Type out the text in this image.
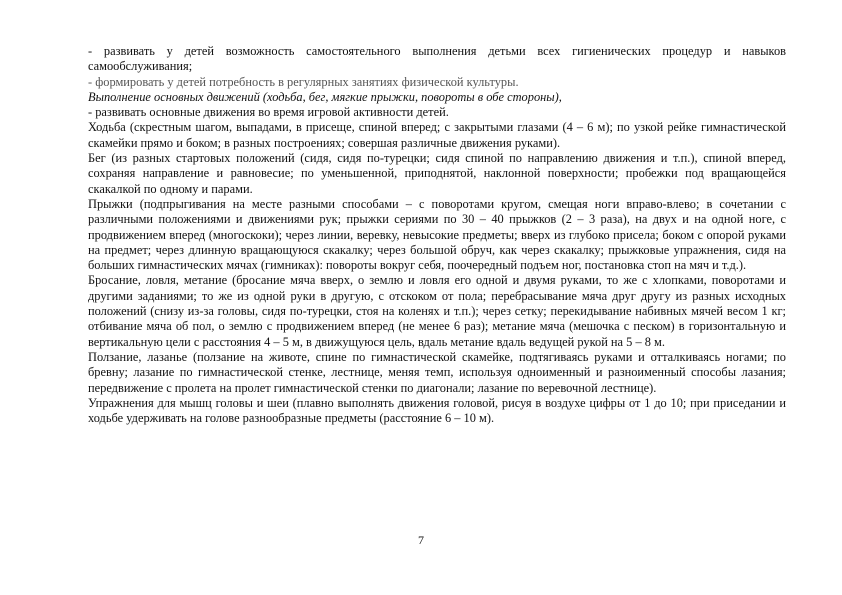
- развивать у детей возможность самостоятельного выполнения детьми всех гигиенических процедур и навыков самообслуживания;

- формировать у детей потребность в регулярных занятиях физической культуры.

Выполнение основных движений (ходьба, бег, мягкие прыжки, повороты в обе стороны),

- развивать основные движения во время игровой активности детей.

Ходьба (скрестным шагом, выпадами, в присеще, спиной вперед; с закрытыми глазами (4 – 6 м); по узкой рейке гимнастической скамейки прямо и боком; в разных построениях; совершая различные движения руками).

Бег (из разных стартовых положений (сидя, сидя по-турецки; сидя спиной по направлению движения и т.п.), спиной вперед, сохраняя направление и равновесие; по уменьшенной, приподнятой, наклонной поверхности; пробежки под вращающейся скакалкой по одному и парами.

Прыжки (подпрыгивания на месте разными способами – с поворотами кругом, смещая ноги вправо-влево; в сочетании с различными положениями и движениями рук; прыжки сериями по 30 – 40 прыжков (2 – 3 раза), на двух и на одной ноге, с продвижением вперед (многоскоки); через линии, веревку, невысокие предметы; вверх из глубоко присела; боком с опорой руками на предмет; через длинную вращающуюся скакалку; через большой обруч, как через скакалку; прыжковые упражнения, сидя на больших гимнастических мячах (гимниках): повороты вокруг себя, поочередный подъем ног, постановка стоп на мяч и т.д.).

Бросание, ловля, метание (бросание мяча вверх, о землю и ловля его одной и двумя руками, то же с хлопками, поворотами и другими заданиями; то же из одной руки в другую, с отскоком от пола; перебрасывание мяча друг другу из разных исходных положений (снизу из-за головы, сидя по-турецки, стоя на коленях и т.п.); через сетку; перекидывание набивных мячей весом 1 кг; отбивание мяча об пол, о землю с продвижением вперед (не менее 6 раз); метание мяча (мешочка с песком) в горизонтальную и вертикальную цели с расстояния 4 – 5 м, в движущуюся цель, вдаль метание вдаль ведущей рукой на 5 – 8 м.

Ползание, лазанье (ползание на животе, спине по гимнастической скамейке, подтягиваясь руками и отталкиваясь ногами; по бревну; лазание по гимнастической стенке, лестнице, меняя темп, используя одноименный и разноименный способы лазания; передвижение с пролета на пролет гимнастической стенки по диагонали; лазание по веревочной лестнице).

Упражнения для мышц головы и шеи (плавно выполнять движения головой, рисуя в воздухе цифры от 1 до 10; при приседании и ходьбе удерживать на голове разнообразные предметы (расстояние 6 – 10 м).

7
